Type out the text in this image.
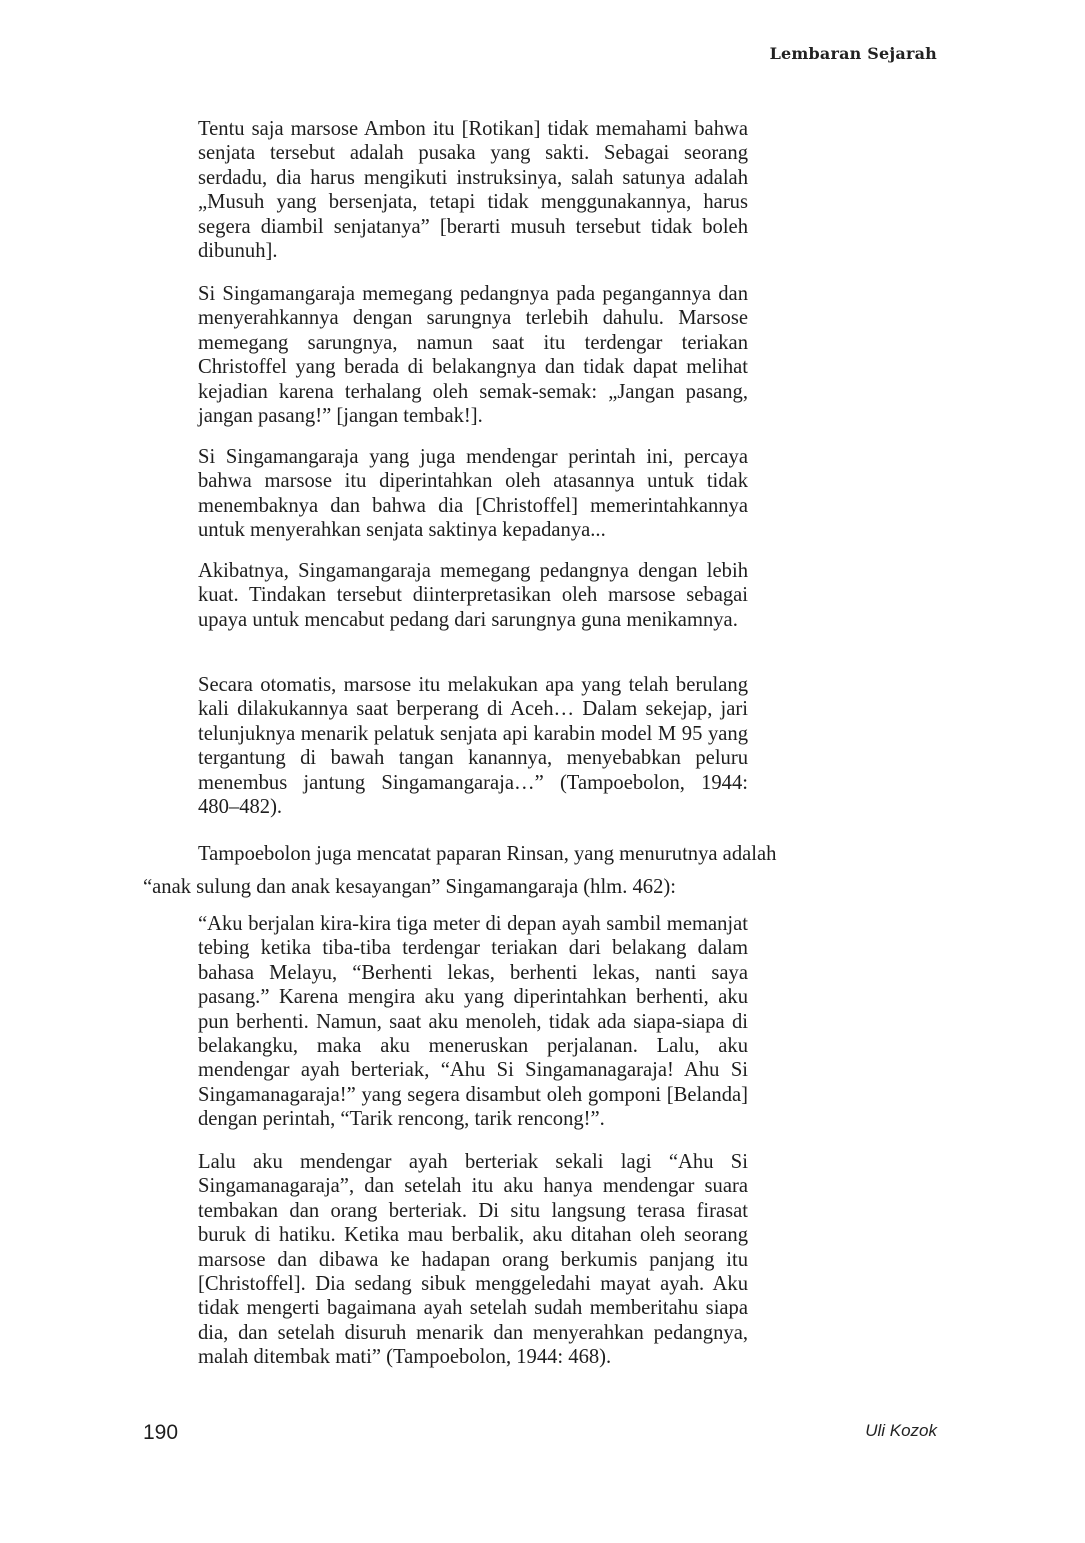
Lembaran Sejarah

Tentu saja marsose Ambon itu [Rotikan] tidak memahami bahwa senjata tersebut adalah pusaka yang sakti. Sebagai seorang serdadu, dia harus mengikuti instruksinya, salah satunya adalah „Musuh yang bersenjata, tetapi tidak menggunakannya, harus segera diambil senjatanya” [berarti musuh tersebut tidak boleh dibunuh].

Si Singamangaraja memegang pedangnya pada pegangannya dan menyerahkannya dengan sarungnya terlebih dahulu. Marsose memegang sarungnya, namun saat itu terdengar teriakan Christoffel yang berada di belakangnya dan tidak dapat melihat kejadian karena terhalang oleh semak-semak: „Jangan pasang, jangan pasang!” [jangan tembak!].

Si Singamangaraja yang juga mendengar perintah ini, percaya bahwa marsose itu diperintahkan oleh atasannya untuk tidak menembaknya dan bahwa dia [Christoffel] memerintahkannya untuk menyerahkan senjata saktinya kepadanya...

Akibatnya, Singamangaraja memegang pedangnya dengan lebih kuat. Tindakan tersebut diinterpretasikan oleh marsose sebagai upaya untuk mencabut pedang dari sarungnya guna menikamnya.

Secara otomatis, marsose itu melakukan apa yang telah berulang kali dilakukannya saat berperang di Aceh… Dalam sekejap, jari telunjuknya menarik pelatuk senjata api karabin model M 95 yang tergantung di bawah tangan kanannya, menyebabkan peluru menembus jantung Singamangaraja…” (Tampoebolon, 1944: 480–482).

Tampoebolon juga mencatat paparan Rinsan, yang menurutnya adalah “anak sulung dan anak kesayangan” Singamangaraja (hlm. 462):

“Aku berjalan kira-kira tiga meter di depan ayah sambil memanjat tebing ketika tiba-tiba terdengar teriakan dari belakang dalam bahasa Melayu, “Berhenti lekas, berhenti lekas, nanti saya pasang.” Karena mengira aku yang diperintahkan berhenti, aku pun berhenti. Namun, saat aku menoleh, tidak ada siapa-siapa di belakangku, maka aku meneruskan perjalanan. Lalu, aku mendengar ayah berteriak, “Ahu Si Singamanagaraja! Ahu Si Singamanagaraja!” yang segera disambut oleh gomponi [Belanda] dengan perintah, “Tarik rencong, tarik rencong!”.

Lalu aku mendengar ayah berteriak sekali lagi “Ahu Si Singamanagaraja”, dan setelah itu aku hanya mendengar suara tembakan dan orang berteriak. Di situ langsung terasa firasat buruk di hatiku. Ketika mau berbalik, aku ditahan oleh seorang marsose dan dibawa ke hadapan orang berkumis panjang itu [Christoffel]. Dia sedang sibuk menggeledahi mayat ayah. Aku tidak mengerti bagaimana ayah setelah sudah memberitahu siapa dia, dan setelah disuruh menarik dan menyerahkan pedangnya, malah ditembak mati” (Tampoebolon, 1944: 468).

190	Uli Kozok
